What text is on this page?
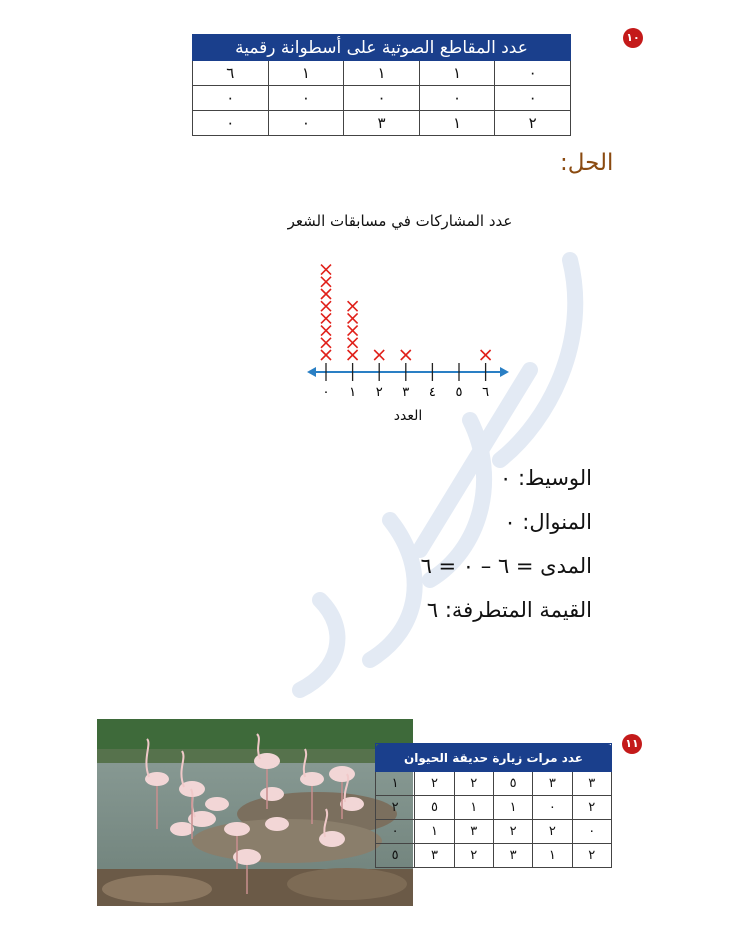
١٠
عدد المقاطع الصوتية على أسطوانة رقمية				
٦	١	١	١	٠
٠	٠	٠	٠	٠
٠	٠	٣	١	٢
الحل:
عدد المشاركات في مسابقات الشعر
٠ ١ ٢ ٣ ٤ ٥ ٦
العدد
الوسيط: ٠
المنوال: ٠
المدى = ٦ – ٠ = ٦
القيمة المتطرفة: ٦
١١
عدد مرات زيارة حديقة الحيوان					
١	٢	٢	٥	٣	٣
٢	٥	١	١	٠	٢
٠	١	٣	٢	٢	٠
٥	٣	٢	٣	١	٢
